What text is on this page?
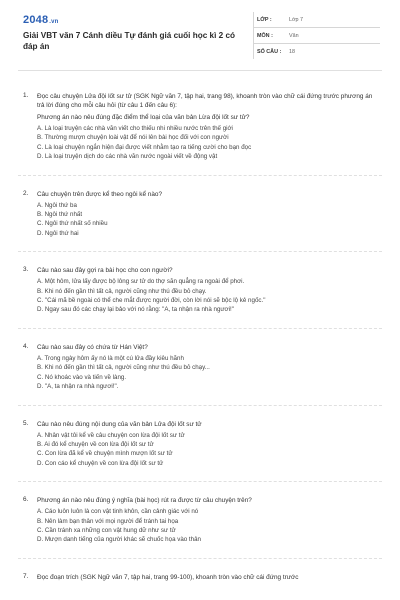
2048.vn
Giải VBT văn 7 Cánh diều Tự đánh giá cuối học kì 2 có đáp án
LỚP :	Lớp 7
MÔN :	Văn
SỐ CÂU :	18
1. Đọc câu chuyện Lửa đội lốt sư tử (SGK Ngữ văn 7, tập hai, trang 98), khoanh tròn vào chữ cái đứng trước phương án trả lời đúng cho mỗi câu hỏi (từ câu 1 đến câu 6):
Phương án nào nêu đúng đặc điểm thể loại của văn bản Lừa đội lốt sư tử?
A. Là loại truyện các nhà văn viết cho thiếu nhi nhiều nước trên thế giới
B. Thường mượn chuyện loài vật để nói lên bài học đối với con người
C. Là loại chuyện ngắn hiện đại được viết nhằm tạo ra tiếng cười cho bạn đọc
D. Là loại truyện dịch do các nhà văn nước ngoài viết về động vật
2. Câu chuyện trên được kể theo ngôi kể nào?
A. Ngôi thứ ba
B. Ngôi thứ nhất
C. Ngôi thứ nhất số nhiều
D. Ngôi thứ hai
3. Câu nào sau đây gợi ra bài học cho con người?
A. Một hôm, lửa lấy được bộ lông sư tử do thợ săn quẳng ra ngoài để phơi.
B. Khi nó đến gần thì tất cả, người cũng như thú đều bỏ chạy.
C. "Cái mã bề ngoài có thể che mắt được người đời, còn lời nói sẽ bộc lộ kẻ ngốc."
D. Ngay sau đó các chạy lại bảo với nó rằng: "A, ta nhận ra nhà ngươi!"
4. Câu nào sau đây có chứa từ Hán Việt?
A. Trong ngày hôm ấy nó là một cú lửa đầy kiêu hãnh
B. Khi nó đến gần thì tất cả, người cũng như thú đều bỏ chạy...
C. Nó khoác vào và tiến về làng.
D. "A, ta nhận ra nhà ngươi!".
5. Câu nào nêu đúng nội dung của văn bản Lửa đội lốt sư tử
A. Nhân vật tôi kể về câu chuyện con lừa đội lốt sư tử
B. Ai đó kể chuyện về con lừa đội lốt sư tử
C. Con lừa đã kể về chuyện mình mượn lốt sư tử
D. Con cáo kể chuyện về con lừa đội lốt sư tử
6. Phương án nào nêu đúng ý nghĩa (bài học) rút ra được từ câu chuyện trên?
A. Cáo luôn luôn là con vật tinh khôn, cần cảnh giác với nó
B. Nên làm bạn thân với mọi người để tránh tai họa
C. Cần tránh xa những con vật hung dữ như sư tử
D. Mượn danh tiếng của người khác sẽ chuốc họa vào thân
7. Đọc đoạn trích (SGK Ngữ văn 7, tập hai, trang 99-100), khoanh tròn vào chữ cái đứng trước
